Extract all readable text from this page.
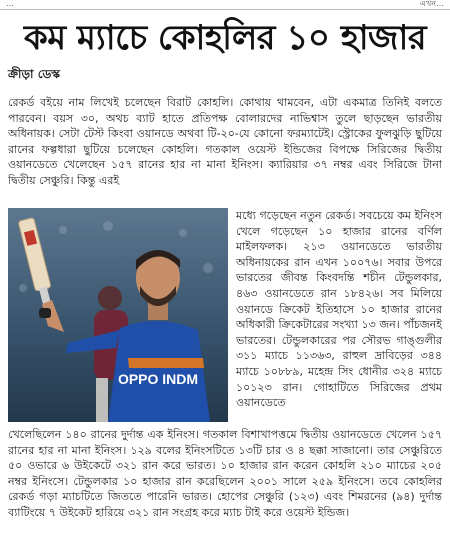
…	এখন…
কম ম্যাচে কোহলির ১০ হাজার
ক্রীড়া ডেস্ক
রেকর্ড বইয়ে নাম লিখেই চলেছেন বিরাট কোহলি। কোথায় থামবেন, এটা একমাত্র তিনিই বলতে পারবেন। বয়স ৩০, অথচ ব্যাট হাতে প্রতিপক্ষ বোলারদের নাভিশ্বাস তুলে ছাড়ছেন ভারতীয় অধিনায়ক। সেটা টেস্ট কিংবা ওয়ানডে অথবা টি-২০-যে কোনো ফরম্যাটেই। স্ট্রোকের ফুলঝুড়ি ছুটিয়ে রানের ফল্গধারা ছুটিয়ে চলেছেন কোহলি। গতকাল ওয়েস্ট ইন্ডিজের বিপক্ষে সিরিজের দ্বিতীয় ওয়ানডেতে খেলেছেন ১৫৭ রানের হার না মানা ইনিংস। ক্যারিয়ার ৩৭ নম্বর এবং সিরিজে টানা দ্বিতীয় সেঞ্চুরি। কিন্তু এরই
OPPO INDM
মধ্যে গড়েছেন নতুন রেকর্ড। সবচেয়ে কম ইনিংস খেলে গড়েছেন ১০ হাজার রানের বর্ণিল মাইলফলক। ২১৩ ওয়ানডেতে ভারতীয় অধিনায়কের রান এখন ১০০৭৬। সবার উপরে ভারতের জীবন্ত কিংবদন্তি শচীন টেন্ডুলকার, ৪৬৩ ওয়ানডেতে রান ১৮৪২৬। সব মিলিয়ে ওয়ানডে ক্রিকেট ইতিহাসে ১০ হাজার রানের অধিকারী ক্রিকেটারের সংখ্যা ১৩ জন। পাঁচজনই ভারতের। টেন্ডুলকারের পর সৌরভ গাঙ্গুলীর ৩১১ ম্যাচে ১১৩৬৩, রাহুল দ্রাবিড়ের ৩৪৪ ম্যাচে ১০৮৮৯, মহেন্দ্র সিং ধোনীর ৩২৪ ম্যাচে ১০১২৩ রান। গোহাটিতে সিরিজের প্রথম ওয়ানডেতে
খেলেছিলেন ১৪০ রানের দুর্দান্ত এক ইনিংস। গতকাল বিশাখাপত্তমে দ্বিতীয় ওয়ানডেতে খেলেন ১৫৭ রানের হার না মানা ইনিংস। ১২৯ বলের ইনিংসটিতে ১৩টি চার ও ৪ ছক্কা সাজানো। তার সেঞ্চুরিতে ৫০ ওভারে ৬ উইকেটে ৩২১ রান করে ভারত। ১০ হাজার রান করেন কোহলি ২১০ ম্যাচের ২০৫ নম্বর ইনিংসে। টেন্ডুলকার ১০ হাজার রান করেছিলেন ২০০১ সালে ২৫৯ ইনিংসে। তবে কোহলির রেকর্ড গড়া ম্যাচটিতে জিততে পারেনি ভারত। হোপের সেঞ্চুরি (১২৩) এবং শিমরনের (৯৪) দুর্দান্ত ব্যাটিংয়ে ৭ উইকেট হারিয়ে ৩২১ রান সংগ্রহ করে ম্যাচ টাই করে ওয়েস্ট ইন্ডিজ।
